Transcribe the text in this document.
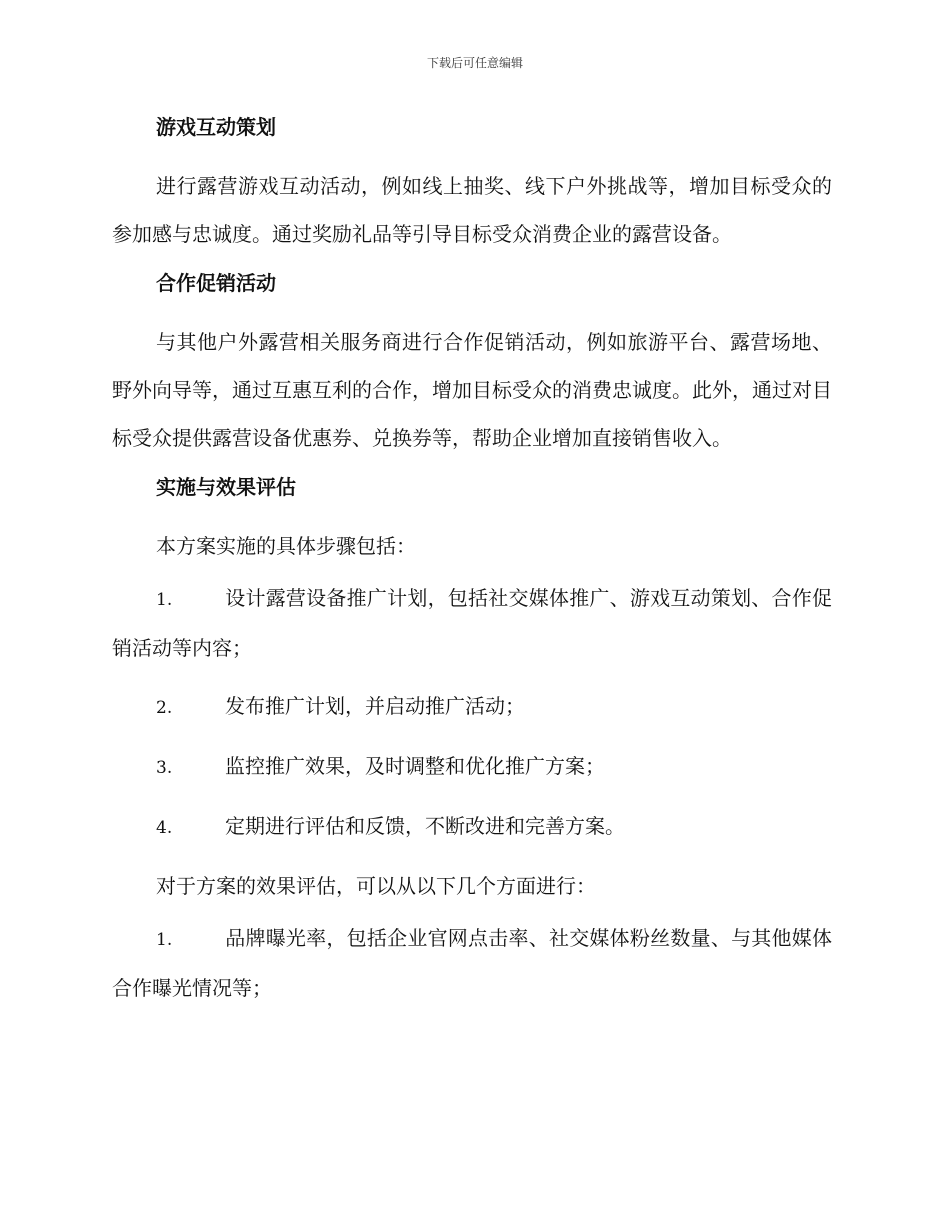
下载后可任意编辑
游戏互动策划
进行露营游戏互动活动，例如线上抽奖、线下户外挑战等，增加目标受众的参加感与忠诚度。通过奖励礼品等引导目标受众消费企业的露营设备。
合作促销活动
与其他户外露营相关服务商进行合作促销活动，例如旅游平台、露营场地、野外向导等，通过互惠互利的合作，增加目标受众的消费忠诚度。此外，通过对目标受众提供露营设备优惠券、兑换券等，帮助企业增加直接销售收入。
实施与效果评估
本方案实施的具体步骤包括：
1.	设计露营设备推广计划，包括社交媒体推广、游戏互动策划、合作促销活动等内容；
2.	发布推广计划，并启动推广活动；
3.	监控推广效果，及时调整和优化推广方案；
4.	定期进行评估和反馈，不断改进和完善方案。
对于方案的效果评估，可以从以下几个方面进行：
1.	品牌曝光率，包括企业官网点击率、社交媒体粉丝数量、与其他媒体合作曝光情况等；
